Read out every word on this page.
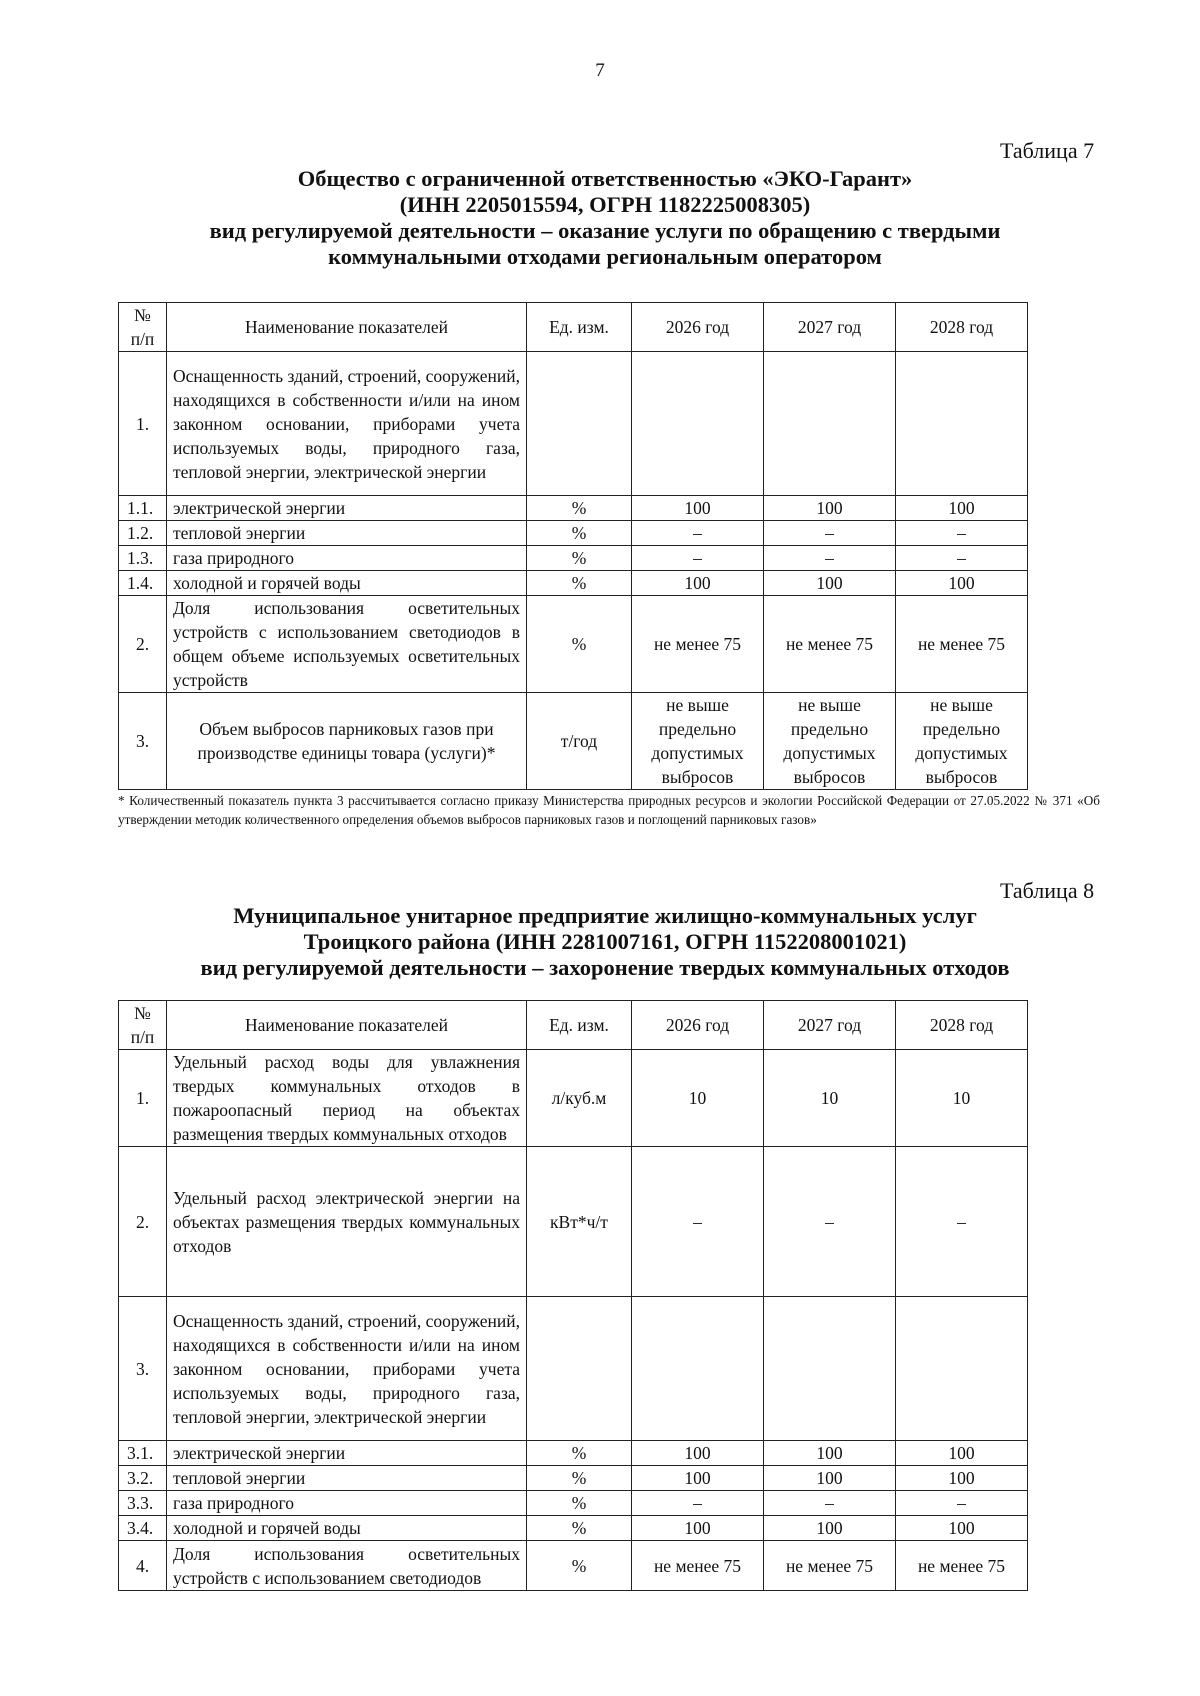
7
Таблица 7
Общество с ограниченной ответственностью «ЭКО-Гарант»
(ИНН 2205015594, ОГРН 1182225008305)
вид регулируемой деятельности – оказание услуги по обращению с твердыми
коммунальными отходами региональным оператором
№ п/п	Наименование показателей	Ед. изм.	2026 год	2027 год	2028 год
1.	Оснащенность зданий, строений, сооружений, находящихся в собственности и/или на ином законном основании, приборами учета используемых воды, природного газа, тепловой энергии, электрической энергии				
1.1.	электрической энергии	%	100	100	100
1.2.	тепловой энергии	%	–	–	–
1.3.	газа природного	%	–	–	–
1.4.	холодной и горячей воды	%	100	100	100
2.	Доля использования осветительных устройств с использованием светодиодов в общем объеме используемых осветительных устройств	%	не менее 75	не менее 75	не менее 75
3.	Объем выбросов парниковых газов при производстве единицы товара (услуги)*	т/год	не выше предельно допустимых выбросов	не выше предельно допустимых выбросов	не выше предельно допустимых выбросов
* Количественный показатель пункта 3 рассчитывается согласно приказу Министерства природных ресурсов и экологии Российской Федерации от 27.05.2022 № 371 «Об утверждении методик количественного определения объемов выбросов парниковых газов и поглощений парниковых газов»
Таблица 8
Муниципальное унитарное предприятие жилищно-коммунальных услуг
Троицкого района (ИНН 2281007161, ОГРН 1152208001021)
вид регулируемой деятельности – захоронение твердых коммунальных отходов
№ п/п	Наименование показателей	Ед. изм.	2026 год	2027 год	2028 год
1.	Удельный расход воды для увлажнения твердых коммунальных отходов в пожароопасный период на объектах размещения твердых коммунальных отходов	л/куб.м	10	10	10
2.	Удельный расход электрической энергии на объектах размещения твердых коммунальных отходов	кВт*ч/т	–	–	–
3.	Оснащенность зданий, строений, сооружений, находящихся в собственности и/или на ином законном основании, приборами учета используемых воды, природного газа, тепловой энергии, электрической энергии				
3.1.	электрической энергии	%	100	100	100
3.2.	тепловой энергии	%	100	100	100
3.3.	газа природного	%	–	–	–
3.4.	холодной и горячей воды	%	100	100	100
4.	Доля использования осветительных устройств с использованием светодиодов	%	не менее 75	не менее 75	не менее 75
